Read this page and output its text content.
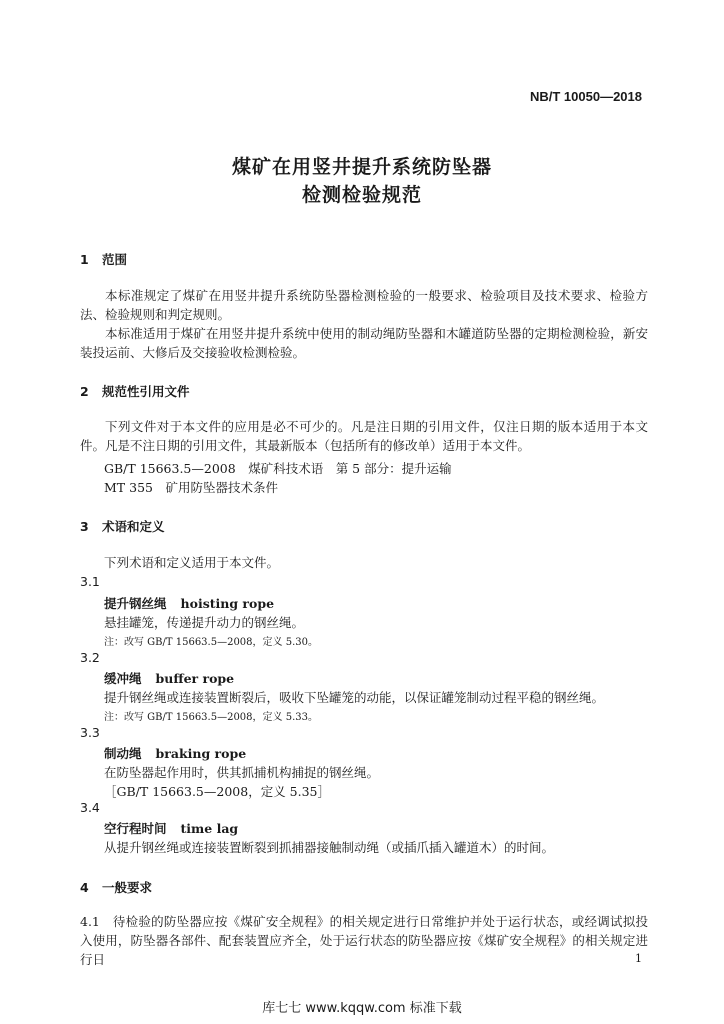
NB/T 10050—2018
煤矿在用竖井提升系统防坠器
检测检验规范
1 范围
本标准规定了煤矿在用竖井提升系统防坠器检测检验的一般要求、检验项目及技术要求、检验方法、检验规则和判定规则。
本标准适用于煤矿在用竖井提升系统中使用的制动绳防坠器和木罐道防坠器的定期检测检验，新安装投运前、大修后及交接验收检测检验。
2 规范性引用文件
下列文件对于本文件的应用是必不可少的。凡是注日期的引用文件，仅注日期的版本适用于本文件。凡是不注日期的引用文件，其最新版本（包括所有的修改单）适用于本文件。
GB/T 15663.5—2008　煤矿科技术语　第 5 部分：提升运输
MT 355　矿用防坠器技术条件
3 术语和定义
下列术语和定义适用于本文件。
3.1
提升钢丝绳 hoisting rope
悬挂罐笼，传递提升动力的钢丝绳。
注：改写 GB/T 15663.5—2008，定义 5.30。
3.2
缓冲绳 buffer rope
提升钢丝绳或连接装置断裂后，吸收下坠罐笼的动能，以保证罐笼制动过程平稳的钢丝绳。
注：改写 GB/T 15663.5—2008，定义 5.33。
3.3
制动绳 braking rope
在防坠器起作用时，供其抓捕机构捕捉的钢丝绳。
［GB/T 15663.5—2008，定义 5.35］
3.4
空行程时间 time lag
从提升钢丝绳或连接装置断裂到抓捕器接触制动绳（或插爪插入罐道木）的时间。
4 一般要求
4.1　待检验的防坠器应按《煤矿安全规程》的相关规定进行日常维护并处于运行状态，或经调试拟投入使用，防坠器各部件、配套装置应齐全，处于运行状态的防坠器应按《煤矿安全规程》的相关规定进行日	1
库七七 www.kqqw.com 标准下载
